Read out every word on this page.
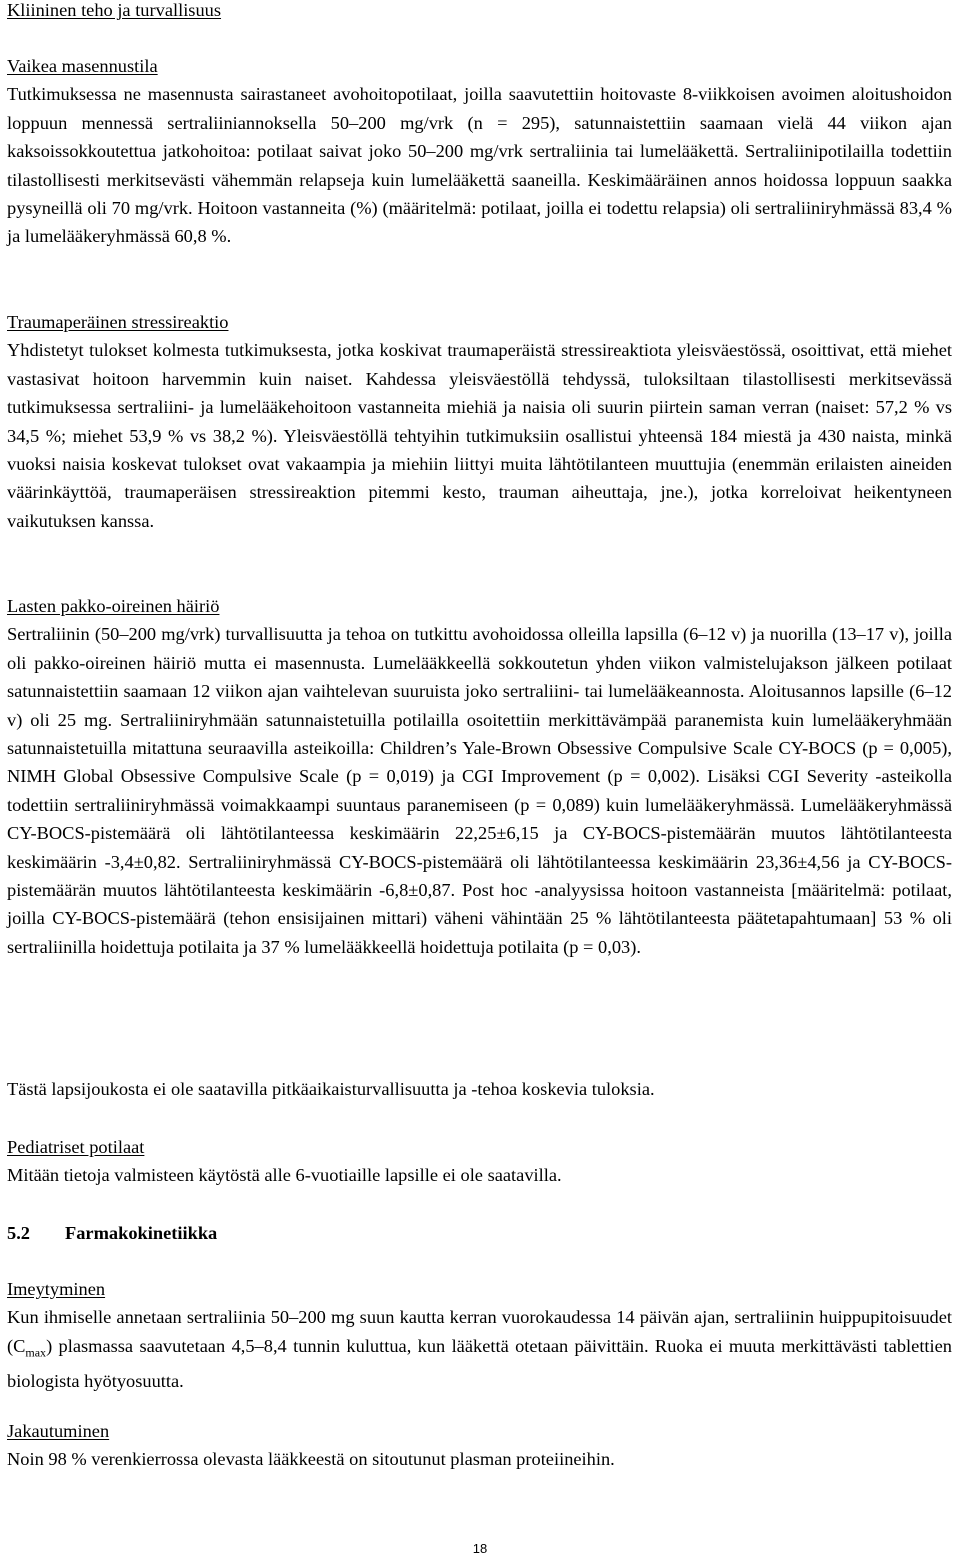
Kliininen teho ja turvallisuus

Vaikea masennustila

Tutkimuksessa ne masennusta sairastaneet avohoitopotilaat, joilla saavutettiin hoitovaste 8-viikkoisen avoimen aloitushoidon loppuun mennessä sertraliiniannoksella 50–200 mg/vrk (n = 295), satunnaistettiin saamaan vielä 44 viikon ajan kaksoissokkoutettua jatkohoitoa: potilaat saivat joko 50–200 mg/vrk sertraliinia tai lumelääkettä. Sertraliinipotilailla todettiin tilastollisesti merkitsevästi vähemmän relapseja kuin lumelääkettä saaneilla. Keskimääräinen annos hoidossa loppuun saakka pysyneillä oli 70 mg/vrk. Hoitoon vastanneita (%) (määritelmä: potilaat, joilla ei todettu relapsia) oli sertraliiniryhmässä 83,4 % ja lumelääkeryhmässä 60,8 %.

Traumaperäinen stressireaktio

Yhdistetyt tulokset kolmesta tutkimuksesta, jotka koskivat traumaperäistä stressireaktiota yleisväestössä, osoittivat, että miehet vastasivat hoitoon harvemmin kuin naiset. Kahdessa yleisväestöllä tehdyssä, tuloksiltaan tilastollisesti merkitsevässä tutkimuksessa sertraliini- ja lumelääkehoitoon vastanneita miehiä ja naisia oli suurin piirtein saman verran (naiset: 57,2 % vs 34,5 %; miehet 53,9 % vs 38,2 %). Yleisväestöllä tehtyihin tutkimuksiin osallistui yhteensä 184 miestä ja 430 naista, minkä vuoksi naisia koskevat tulokset ovat vakaampia ja miehiin liittyi muita lähtötilanteen muuttujia (enemmän erilaisten aineiden väärinkäyttöä, traumaperäisen stressireaktion pitemmi kesto, trauman aiheuttaja, jne.), jotka korreloivat heikentyneen vaikutuksen kanssa.

Lasten pakko-oireinen häiriö

Sertraliinin (50–200 mg/vrk) turvallisuutta ja tehoa on tutkittu avohoidossa olleilla lapsilla (6–12 v) ja nuorilla (13–17 v), joilla oli pakko-oireinen häiriö mutta ei masennusta. Lumelääkkeellä sokkoutetun yhden viikon valmistelujakson jälkeen potilaat satunnaistettiin saamaan 12 viikon ajan vaihtelevan suuruista joko sertraliini- tai lumelääkeannosta. Aloitusannos lapsille (6–12 v) oli 25 mg. Sertraliiniryhmään satunnaistetuilla potilailla osoitettiin merkittävämpää paranemista kuin lumelääkeryhmään satunnaistetuilla mitattuna seuraavilla asteikoilla: Children’s Yale-Brown Obsessive Compulsive Scale CY-BOCS (p = 0,005), NIMH Global Obsessive Compulsive Scale (p = 0,019) ja CGI Improvement (p = 0,002). Lisäksi CGI Severity -asteikolla todettiin sertraliiniryhmässä voimakkaampi suuntaus paranemiseen (p = 0,089) kuin lumelääkeryhmässä. Lumelääkeryhmässä CY-BOCS-pistemäärä oli lähtötilanteessa keskimäärin 22,25±6,15 ja CY-BOCS-pistemäärän muutos lähtötilanteesta keskimäärin -3,4±0,82. Sertraliiniryhmässä CY-BOCS-pistemäärä oli lähtötilanteessa keskimäärin 23,36±4,56 ja CY-BOCS-pistemäärän muutos lähtötilanteesta keskimäärin -6,8±0,87. Post hoc -analyysissa hoitoon vastanneista [määritelmä: potilaat, joilla CY-BOCS-pistemäärä (tehon ensisijainen mittari) väheni vähintään 25 % lähtötilanteesta päätetapahtumaan] 53 % oli sertraliinilla hoidettuja potilaita ja 37 % lumelääkkeellä hoidettuja potilaita (p = 0,03).

Tästä lapsijoukosta ei ole saatavilla pitkäaikaisturvallisuutta ja -tehoa koskevia tuloksia.

Pediatriset potilaat

Mitään tietoja valmisteen käytöstä alle 6-vuotiaille lapsille ei ole saatavilla.

5.2 Farmakokinetiikka

Imeytyminen

Kun ihmiselle annetaan sertraliinia 50–200 mg suun kautta kerran vuorokaudessa 14 päivän ajan, sertraliinin huippupitoisuudet $(C_{max})$ plasmassa saavutetaan 4,5–8,4 tunnin kuluttua, kun lääkettä otetaan päivittäin. Ruoka ei muuta merkittävästi tablettien biologista hyötyosuutta.

Jakautuminen

Noin 98 % verenkierrossa olevasta lääkkeestä on sitoutunut plasman proteiineihin.

18
